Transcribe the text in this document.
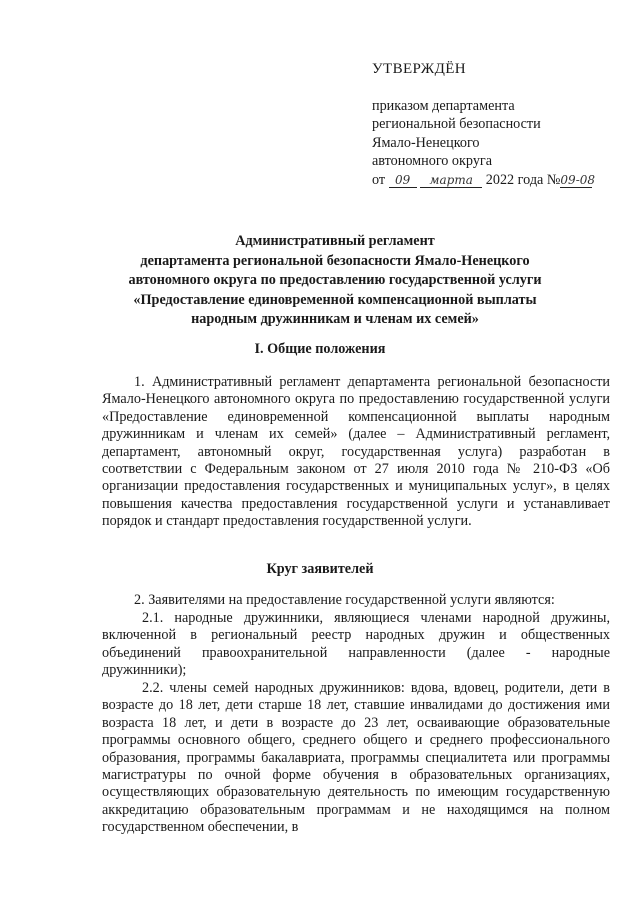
УТВЕРЖДЁН
приказом департамента
региональной безопасности
Ямало-Ненецкого
автономного округа
от 09 марта 2022 года №09-08
Административный регламент
департамента региональной безопасности Ямало-Ненецкого
автономного округа по предоставлению государственной услуги
«Предоставление единовременной компенсационной выплаты
народным дружинникам и членам их семей»
I. Общие положения
1. Административный регламент департамента региональной безопасности Ямало-Ненецкого автономного округа по предоставлению государственной услуги «Предоставление единовременной компенсационной выплаты народным дружинникам и членам их семей» (далее – Административный регламент, департамент, автономный округ, государственная услуга) разработан в соответствии с Федеральным законом от 27 июля 2010 года № 210-ФЗ «Об организации предоставления государственных и муниципальных услуг», в целях повышения качества предоставления государственной услуги и устанавливает порядок и стандарт предоставления государственной услуги.
Круг заявителей
2. Заявителями на предоставление государственной услуги являются:
2.1. народные дружинники, являющиеся членами народной дружины, включенной в региональный реестр народных дружин и общественных объединений правоохранительной направленности (далее - народные дружинники);
2.2. члены семей народных дружинников: вдова, вдовец, родители, дети в возрасте до 18 лет, дети старше 18 лет, ставшие инвалидами до достижения ими возраста 18 лет, и дети в возрасте до 23 лет, осваивающие образовательные программы основного общего, среднего общего и среднего профессионального образования, программы бакалавриата, программы специалитета или программы магистратуры по очной форме обучения в образовательных организациях, осуществляющих образовательную деятельность по имеющим государственную аккредитацию образовательным программам и не находящимся на полном государственном обеспечении, в
